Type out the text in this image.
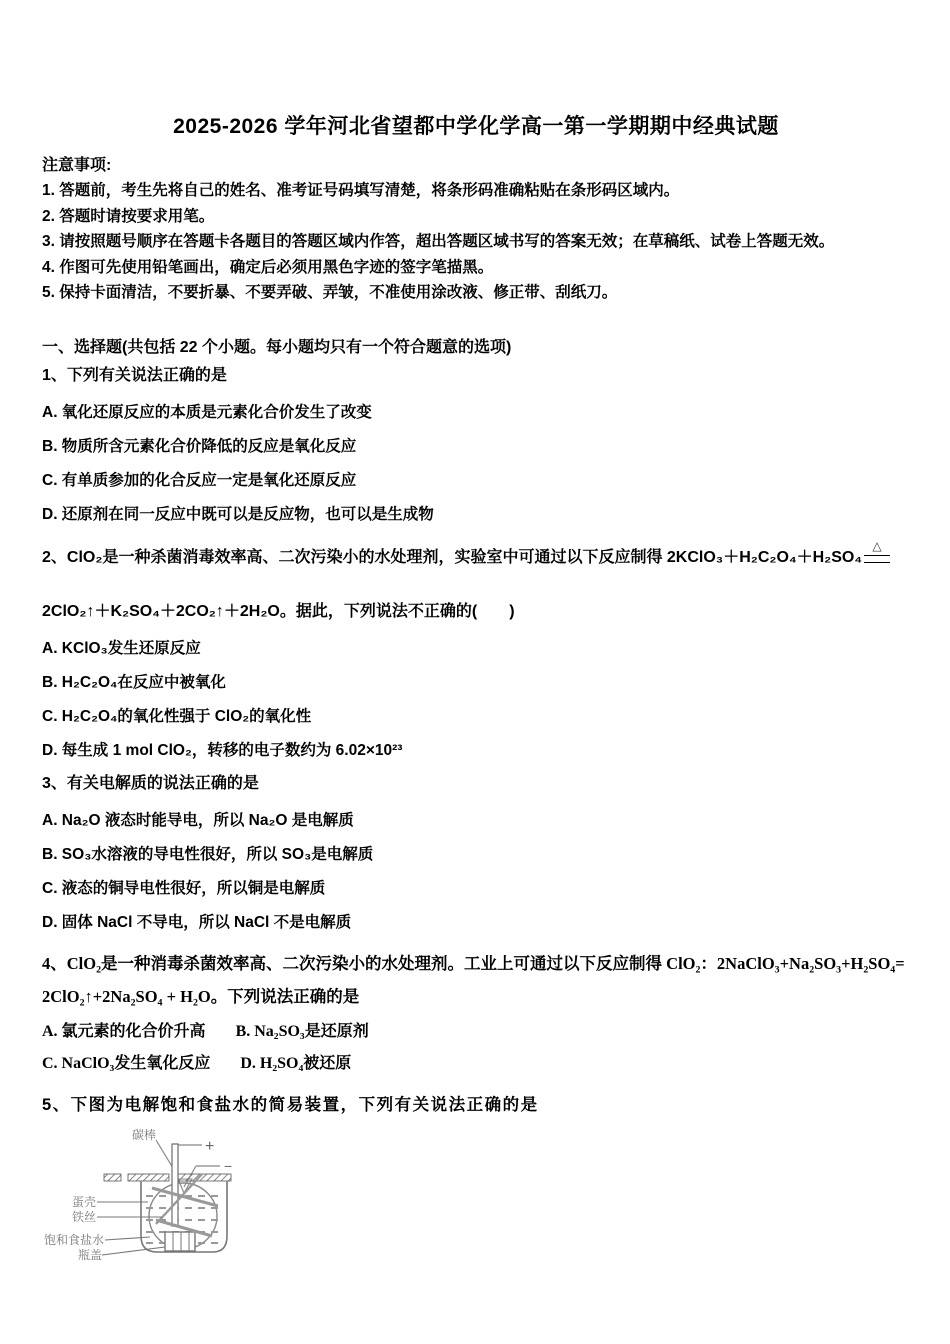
2025-2026 学年河北省望都中学化学高一第一学期期中经典试题
注意事项:
1. 答题前，考生先将自己的姓名、准考证号码填写清楚，将条形码准确粘贴在条形码区域内。
2. 答题时请按要求用笔。
3. 请按照题号顺序在答题卡各题目的答题区域内作答，超出答题区域书写的答案无效；在草稿纸、试卷上答题无效。
4. 作图可先使用铅笔画出，确定后必须用黑色字迹的签字笔描黑。
5. 保持卡面清洁，不要折暴、不要弄破、弄皱，不准使用涂改液、修正带、刮纸刀。
一、选择题(共包括 22 个小题。每小题均只有一个符合题意的选项)
1、下列有关说法正确的是
A. 氧化还原反应的本质是元素化合价发生了改变
B. 物质所含元素化合价降低的反应是氧化反应
C. 有单质参加的化合反应一定是氧化还原反应
D. 还原剂在同一反应中既可以是反应物，也可以是生成物
2、ClO₂是一种杀菌消毒效率高、二次污染小的水处理剂，实验室中可通过以下反应制得 2KClO₃＋H₂C₂O₄＋H₂SO₄
△
2ClO₂↑＋K₂SO₄＋2CO₂↑＋2H₂O。据此，下列说法不正确的(　　)
A. KClO₃发生还原反应
B. H₂C₂O₄在反应中被氧化
C. H₂C₂O₄的氧化性强于 ClO₂的氧化性
D. 每生成 1 mol ClO₂，转移的电子数约为 6.02×10²³
3、有关电解质的说法正确的是
A. Na₂O 液态时能导电，所以 Na₂O 是电解质
B. SO₃水溶液的导电性很好，所以 SO₃是电解质
C. 液态的铜导电性很好，所以铜是电解质
D. 固体 NaCl 不导电，所以 NaCl 不是电解质
4、ClO₂是一种消毒杀菌效率高、二次污染小的水处理剂。工业上可通过以下反应制得 ClO₂：2NaClO₃+Na₂SO₃+H₂SO₄=
2ClO₂↑+2Na₂SO₄ + H₂O。下列说法正确的是
A. 氯元素的化合价升高 B. Na₂SO₃是还原剂
C. NaClO₃发生氧化反应 D. H₂SO₄被还原
5、下图为电解饱和食盐水的简易装置，下列有关说法正确的是
碳棒
+
−
蛋壳
铁丝
饱和食盐水
瓶盖
